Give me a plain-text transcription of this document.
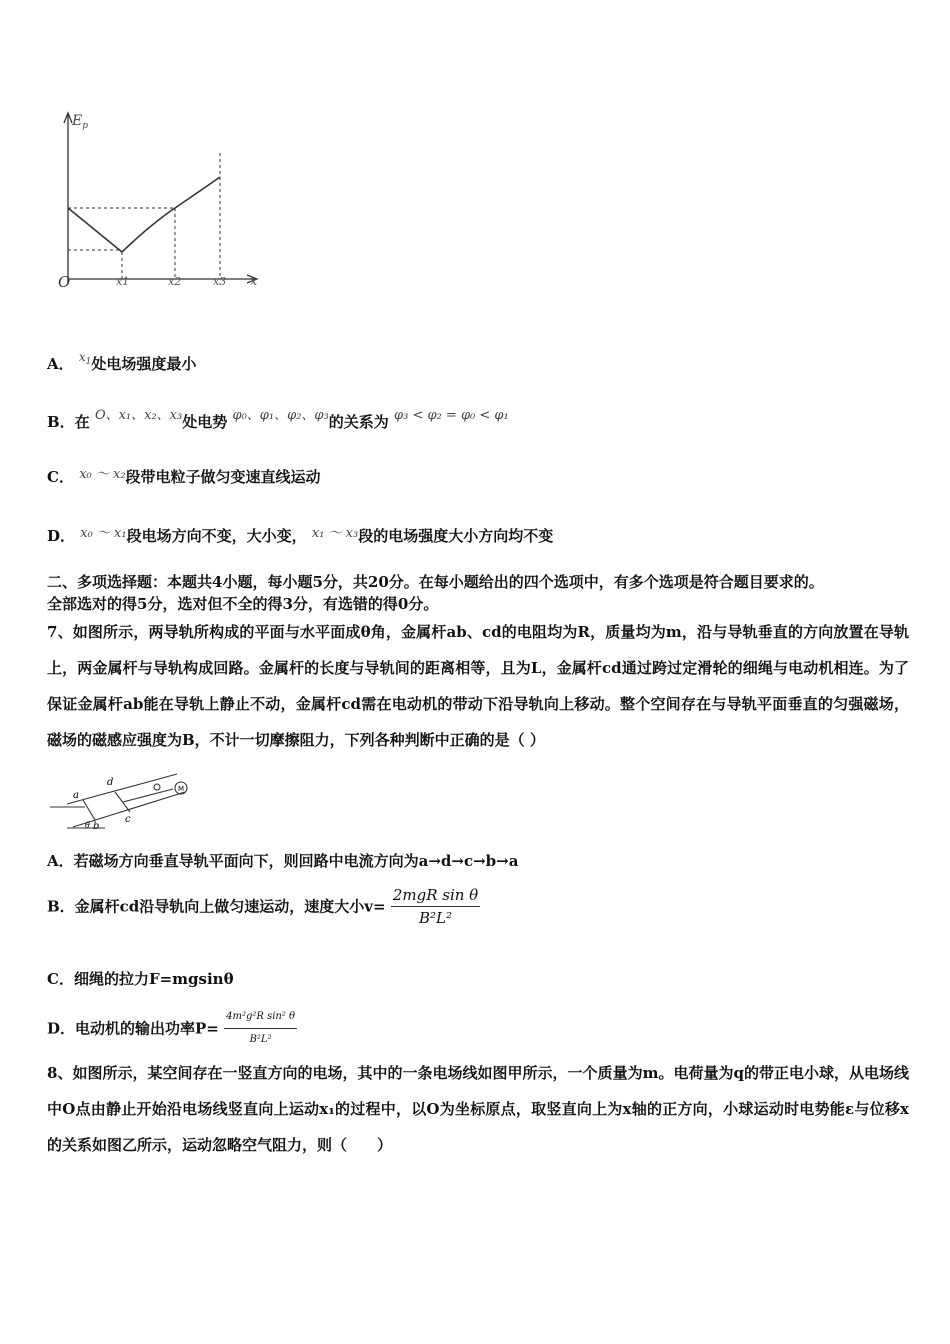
$E_p$
O	x
x1	x2	x3
A． $^{x_1}$处电场强度最小
B．在 O、x₁、x₂、x₃处电势 φ₀、φ₁、φ₂、φ₃的关系为 φ₃ < φ₂ = φ₀ < φ₁
C． x₀ ～ x₂段带电粒子做匀变速直线运动
D． x₀ ～ x₁段电场方向不变，大小变， x₁ ～ x₃段的电场强度大小方向均不变
二、多项选择题：本题共4小题，每小题5分，共20分。在每小题给出的四个选项中，有多个选项是符合题目要求的。
全部选对的得5分，选对但不全的得3分，有选错的得0分。
7、如图所示，两导轨所构成的平面与水平面成θ角，金属杆ab、cd的电阻均为R，质量均为m，沿与导轨垂直的方向放置在导轨上，两金属杆与导轨构成回路。金属杆的长度与导轨间的距离相等，且为L，金属杆cd通过跨过定滑轮的细绳与电动机相连。为了保证金属杆ab能在导轨上静止不动，金属杆cd需在电动机的带动下沿导轨向上移动。整个空间存在与导轨平面垂直的匀强磁场，磁场的磁感应强度为B，不计一切摩擦阻力，下列各种判断中正确的是（ ）
a
b
c
d
θ
M
A．若磁场方向垂直导轨平面向下，则回路中电流方向为a→d→c→b→a
B．金属杆cd沿导轨向上做匀速运动，速度大小$v= \frac{\text{2mgR sin θ}}{\text{B²L²}}$
C．细绳的拉力F=mgsinθ
D．电动机的输出功率$P= \frac{\text{4m²g²R sin² θ}}{\text{B²L²}}$
8、如图所示，某空间存在一竖直方向的电场，其中的一条电场线如图甲所示，一个质量为m。电荷量为q的带正电小球，从电场线中O点由静止开始沿电场线竖直向上运动x₁的过程中，以O为坐标原点，取竖直向上为x轴的正方向，小球运动时电势能ε与位移x的关系如图乙所示，运动忽略空气阻力，则（　　）
